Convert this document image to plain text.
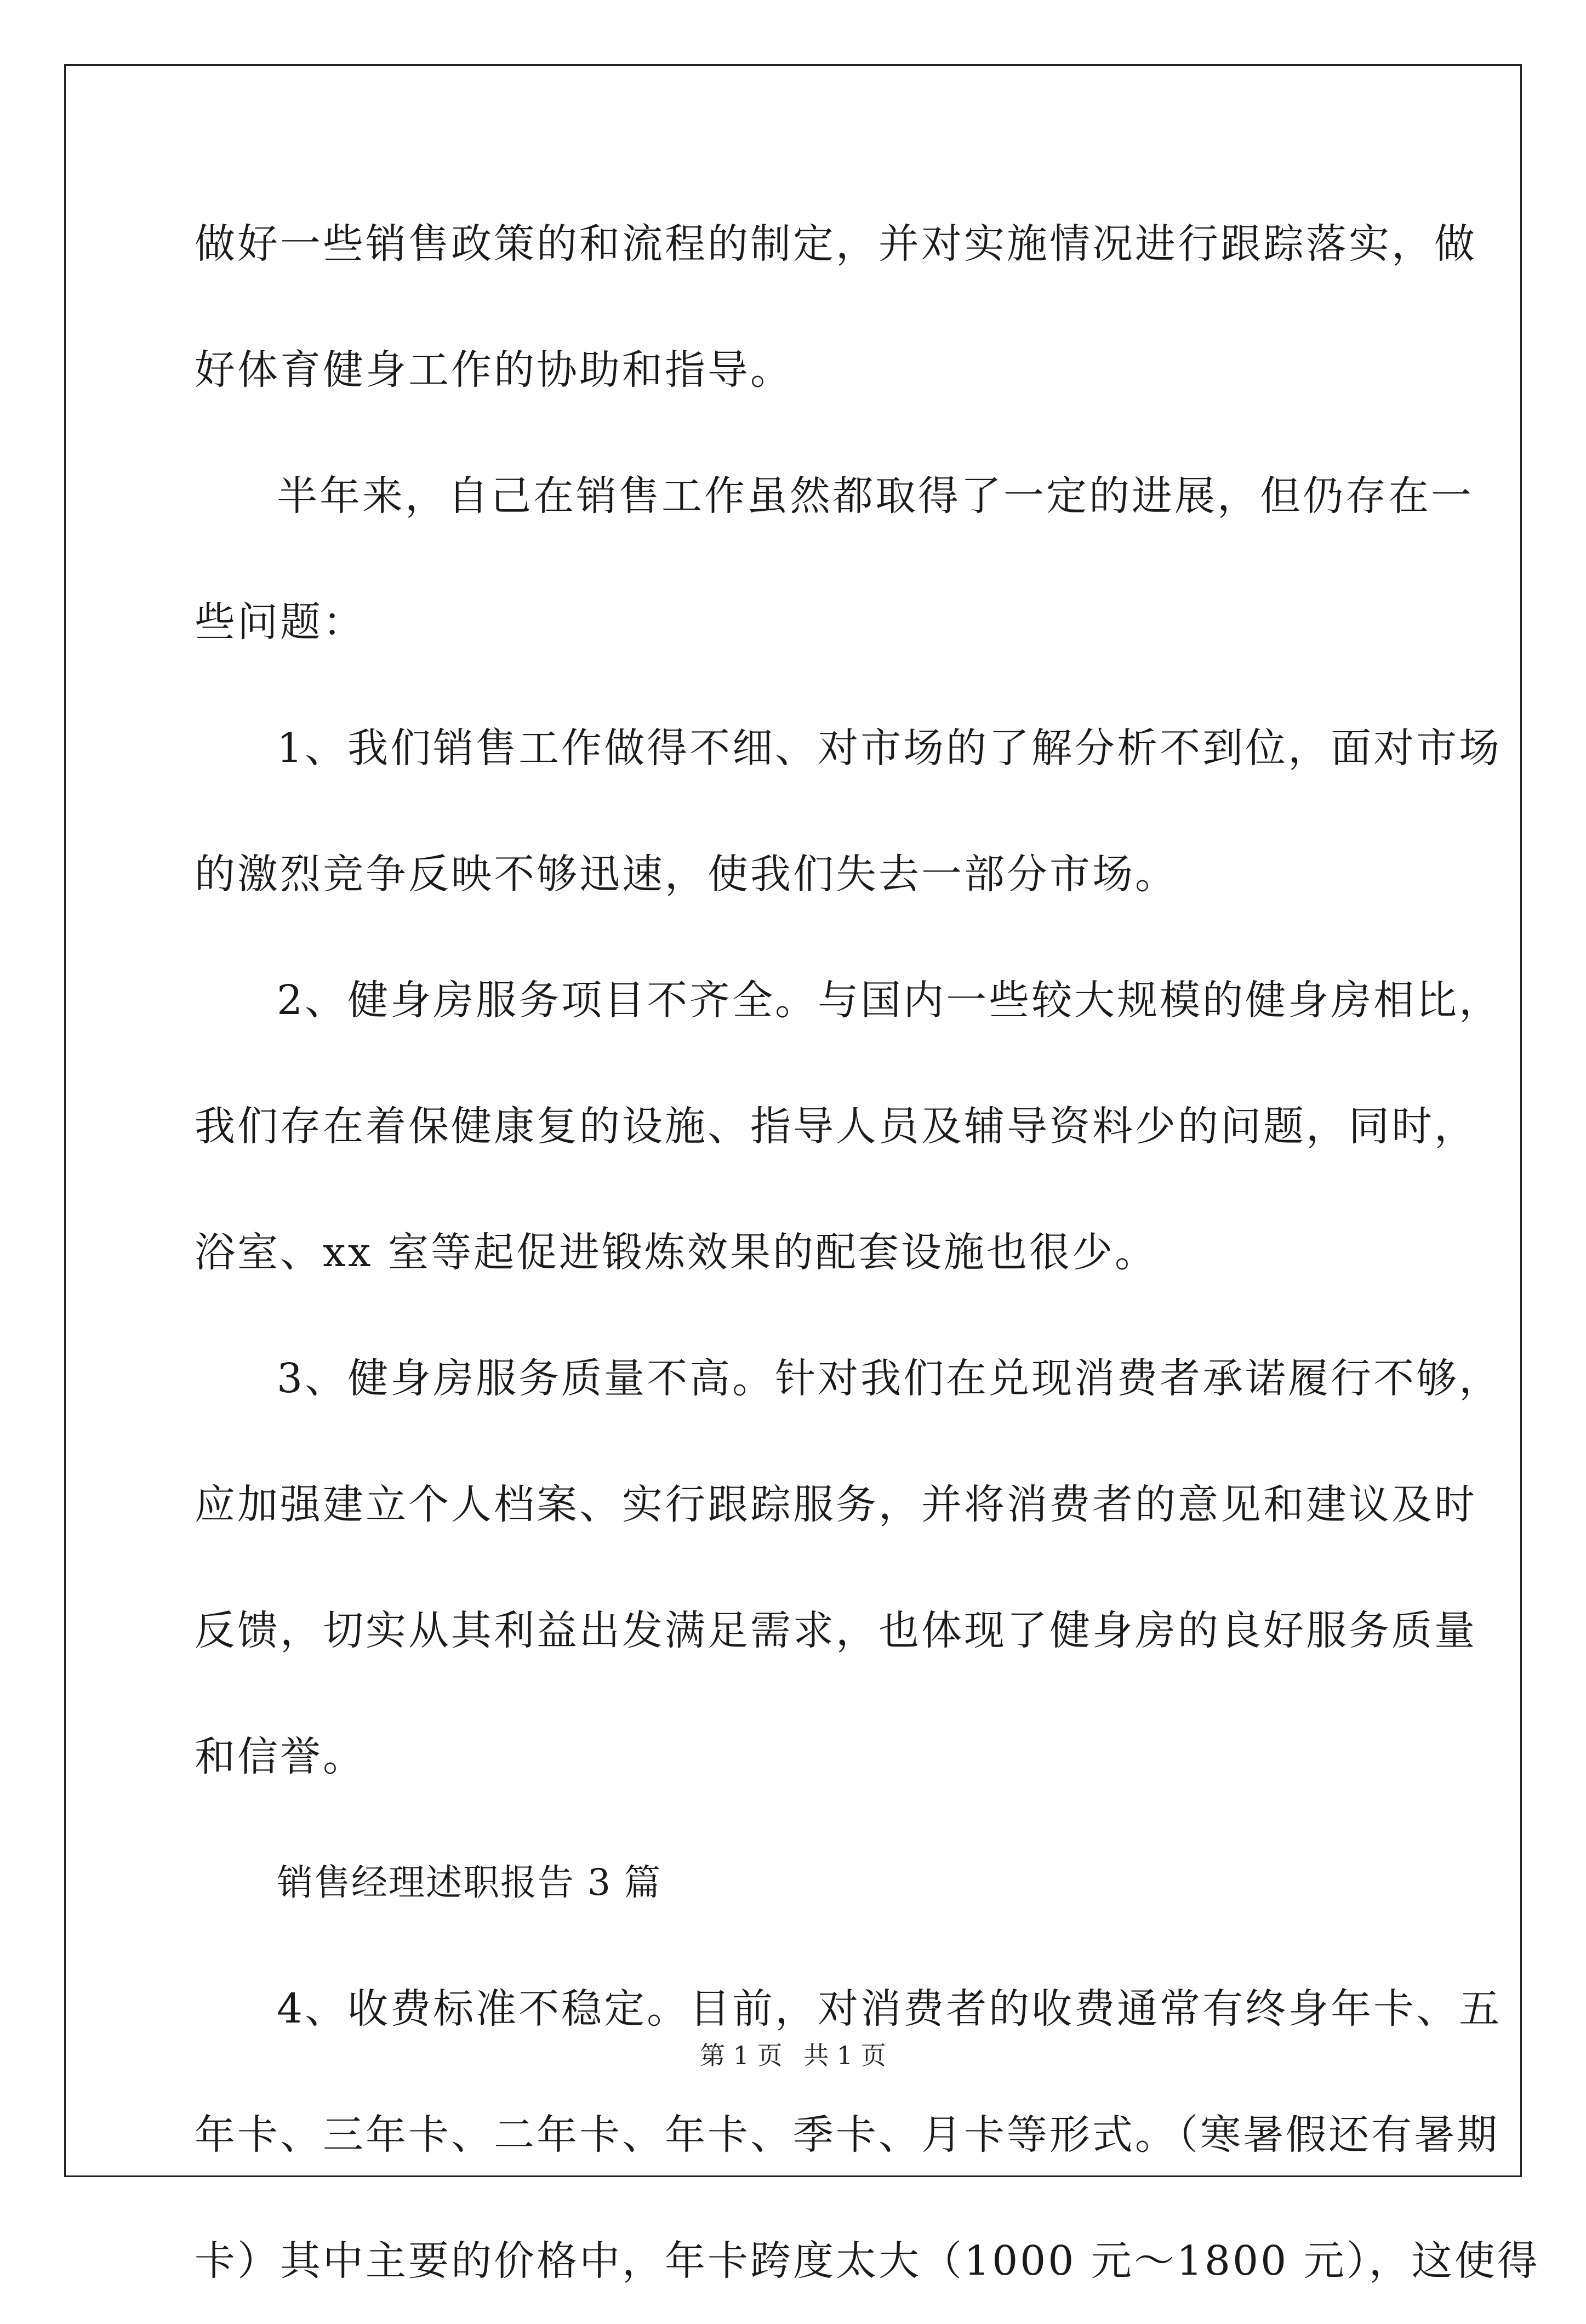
做好一些销售政策的和流程的制定，并对实施情况进行跟踪落实，做
好体育健身工作的协助和指导。
半年来，自己在销售工作虽然都取得了一定的进展，但仍存在一
些问题：
1、我们销售工作做得不细、对市场的了解分析不到位，面对市场
的激烈竞争反映不够迅速，使我们失去一部分市场。
2、健身房服务项目不齐全。与国内一些较大规模的健身房相比，
我们存在着保健康复的设施、指导人员及辅导资料少的问题，同时，
浴室、xx 室等起促进锻炼效果的配套设施也很少。
3、健身房服务质量不高。针对我们在兑现消费者承诺履行不够，
应加强建立个人档案、实行跟踪服务，并将消费者的意见和建议及时
反馈，切实从其利益出发满足需求，也体现了健身房的良好服务质量
和信誉。
销售经理述职报告 3 篇
4、收费标准不稳定。目前，对消费者的收费通常有终身年卡、五
年卡、三年卡、二年卡、年卡、季卡、月卡等形式。（寒暑假还有暑期
卡）其中主要的价格中，年卡跨度太大（1000 元～1800 元），这使得
第 1 页 共 1 页
